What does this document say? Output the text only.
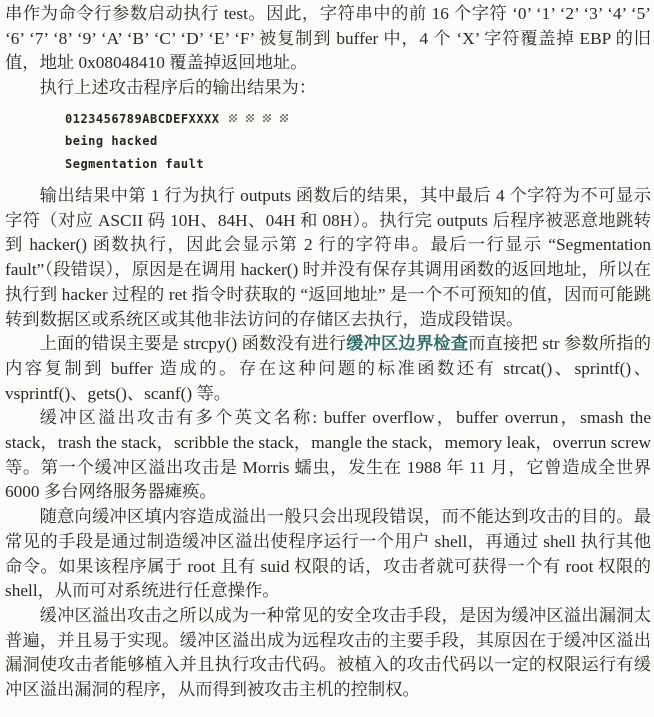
串作为命令行参数启动执行 test。因此，字符串中的前 16 个字符 ‘0’ ‘1’ ‘2’ ‘3’ ‘4’ ‘5’ ‘6’ ‘7’ ‘8’ ‘9’ ‘A’ ‘B’ ‘C’ ‘D’ ‘E’ ‘F’ 被复制到 buffer 中，4 个 ‘X’ 字符覆盖掉 EBP 的旧值，地址 0x08048410 覆盖掉返回地址。

执行上述攻击程序后的输出结果为：

0123456789ABCDEFXXXX
being hacked
Segmentation fault

输出结果中第 1 行为执行 outputs 函数后的结果，其中最后 4 个字符为不可显示字符（对应 ASCII 码 10H、84H、04H 和 08H）。执行完 outputs 后程序被恶意地跳转到 hacker() 函数执行，因此会显示第 2 行的字符串。最后一行显示 “Segmentation fault”（段错误），原因是在调用 hacker() 时并没有保存其调用函数的返回地址，所以在执行到 hacker 过程的 ret 指令时获取的 “返回地址” 是一个不可预知的值，因而可能跳转到数据区或系统区或其他非法访问的存储区去执行，造成段错误。

上面的错误主要是 strcpy() 函数没有进行缓冲区边界检查而直接把 str 参数所指的内容复制到 buffer 造成的。存在这种问题的标准函数还有 strcat()、sprintf()、vsprintf()、gets()、scanf() 等。

缓冲区溢出攻击有多个英文名称: buffer overflow，buffer overrun，smash the stack，trash the stack，scribble the stack，mangle the stack，memory leak，overrun screw 等。第一个缓冲区溢出攻击是 Morris 蠕虫，发生在 1988 年 11 月，它曾造成全世界 6000 多台网络服务器瘫痪。

随意向缓冲区填内容造成溢出一般只会出现段错误，而不能达到攻击的目的。最常见的手段是通过制造缓冲区溢出使程序运行一个用户 shell，再通过 shell 执行其他命令。如果该程序属于 root 且有 suid 权限的话，攻击者就可获得一个有 root 权限的 shell，从而可对系统进行任意操作。

缓冲区溢出攻击之所以成为一种常见的安全攻击手段，是因为缓冲区溢出漏洞太普遍，并且易于实现。缓冲区溢出成为远程攻击的主要手段，其原因在于缓冲区溢出漏洞使攻击者能够植入并且执行攻击代码。被植入的攻击代码以一定的权限运行有缓冲区溢出漏洞的程序，从而得到被攻击主机的控制权。
